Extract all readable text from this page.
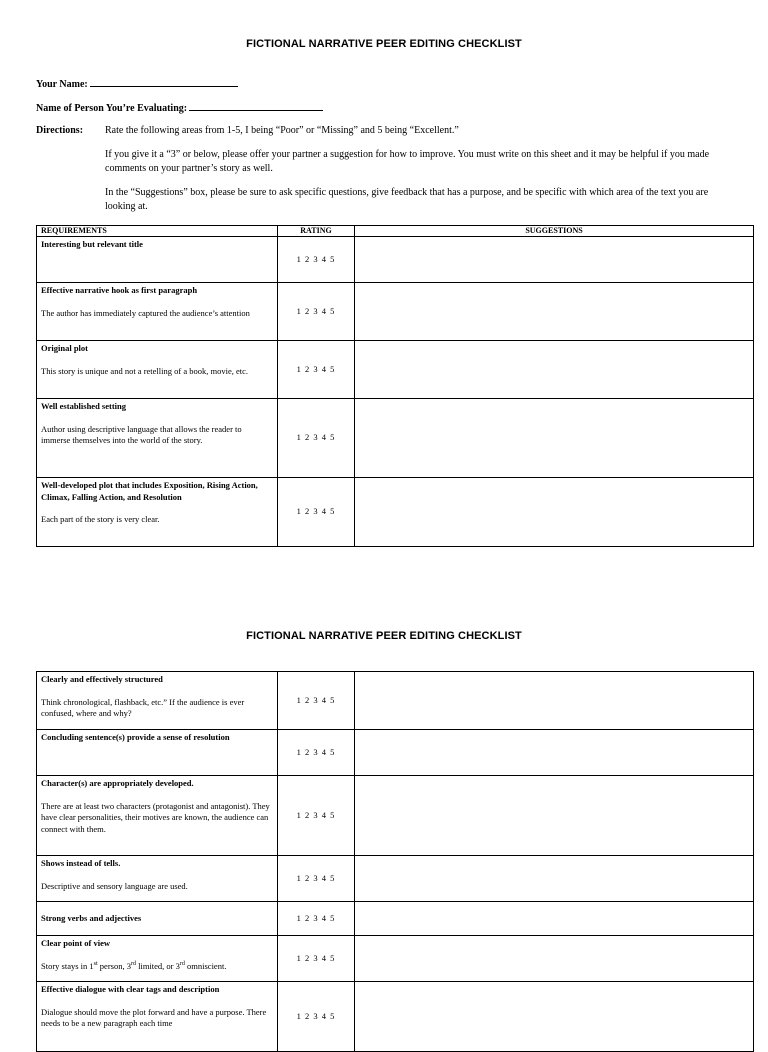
FICTIONAL NARRATIVE PEER EDITING CHECKLIST
Your Name:
Name of Person You’re Evaluating:
Directions: Rate the following areas from 1-5, I being “Poor” or “Missing” and 5 being “Excellent.”
If you give it a “3” or below, please offer your partner a suggestion for how to improve. You must write on this sheet and it may be helpful if you made comments on your partner’s story as well.
In the “Suggestions” box, please be sure to ask specific questions, give feedback that has a purpose, and be specific with which area of the text you are looking at.
REQUIREMENTS	RATING	SUGGESTIONS

Interesting but relevant title	1 2 3 4 5	

Effective narrative hook as first paragraph
The author has immediately captured the audience’s attention	1 2 3 4 5	

Original plot
This story is unique and not a retelling of a book, movie, etc.	1 2 3 4 5	

Well established setting
Author using descriptive language that allows the reader to immerse themselves into the world of the story.	1 2 3 4 5	

Well-developed plot that includes Exposition, Rising Action, Climax, Falling Action, and Resolution
Each part of the story is very clear.	1 2 3 4 5	
FICTIONAL NARRATIVE PEER EDITING CHECKLIST
Clearly and effectively structured
Think chronological, flashback, etc.” If the audience is ever confused, where and why?	1 2 3 4 5	

Concluding sentence(s) provide a sense of resolution	1 2 3 4 5	

Character(s) are appropriately developed.
There are at least two characters (protagonist and antagonist). They have clear personalities, their motives are known, the audience can connect with them.	1 2 3 4 5	

Shows instead of tells.
Descriptive and sensory language are used.	1 2 3 4 5	

Strong verbs and adjectives	1 2 3 4 5	

Clear point of view
Story stays in 1st person, 3rd limited, or 3rd omniscient.	1 2 3 4 5	

Effective dialogue with clear tags and description
Dialogue should move the plot forward and have a purpose. There needs to be a new paragraph each time	1 2 3 4 5	
